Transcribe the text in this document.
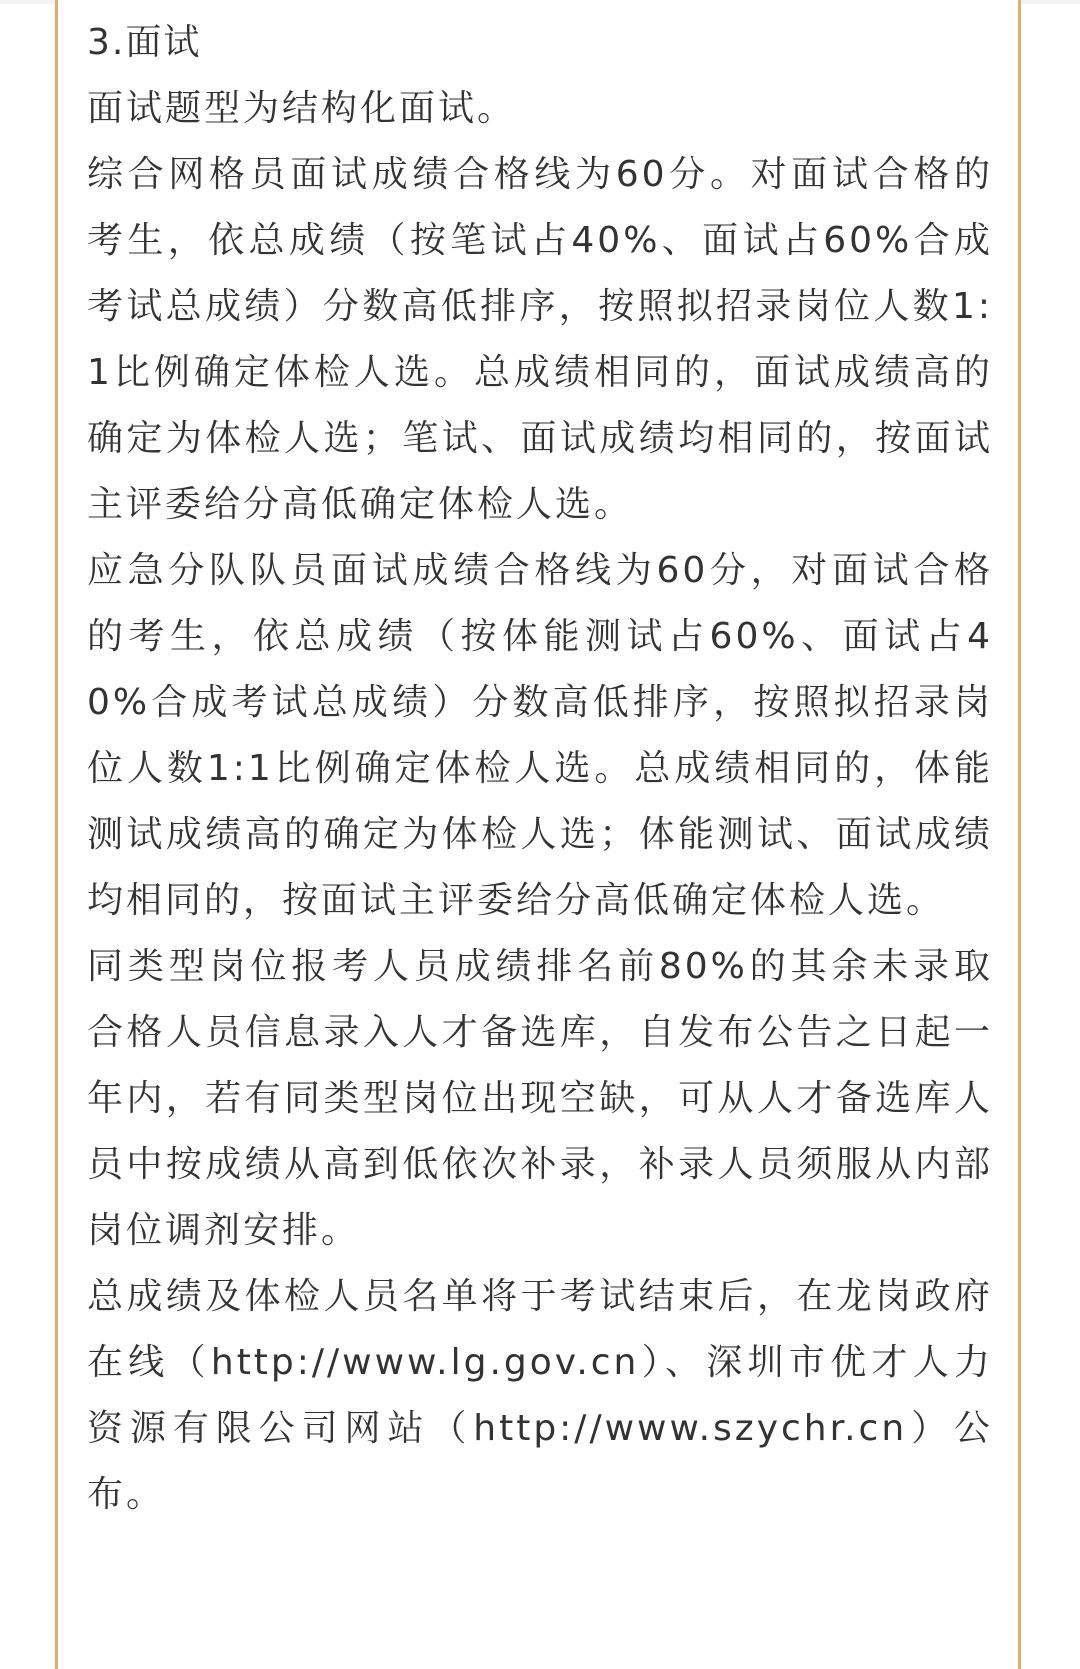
3.面试

面试题型为结构化面试。

综合网格员面试成绩合格线为60分。对面试合格的考生，依总成绩（按笔试占40%、面试占60%合成考试总成绩）分数高低排序，按照拟招录岗位人数1:1比例确定体检人选。总成绩相同的，面试成绩高的确定为体检人选；笔试、面试成绩均相同的，按面试主评委给分高低确定体检人选。

应急分队队员面试成绩合格线为60分，对面试合格的考生，依总成绩（按体能测试占60%、面试占40%合成考试总成绩）分数高低排序，按照拟招录岗位人数1:1比例确定体检人选。总成绩相同的，体能测试成绩高的确定为体检人选；体能测试、面试成绩均相同的，按面试主评委给分高低确定体检人选。

同类型岗位报考人员成绩排名前80%的其余未录取合格人员信息录入人才备选库，自发布公告之日起一年内，若有同类型岗位出现空缺，可从人才备选库人员中按成绩从高到低依次补录，补录人员须服从内部岗位调剂安排。

总成绩及体检人员名单将于考试结束后，在龙岗政府在线（http://www.lg.gov.cn）、深圳市优才人力资源有限公司网站（http://www.szychr.cn）公布。
